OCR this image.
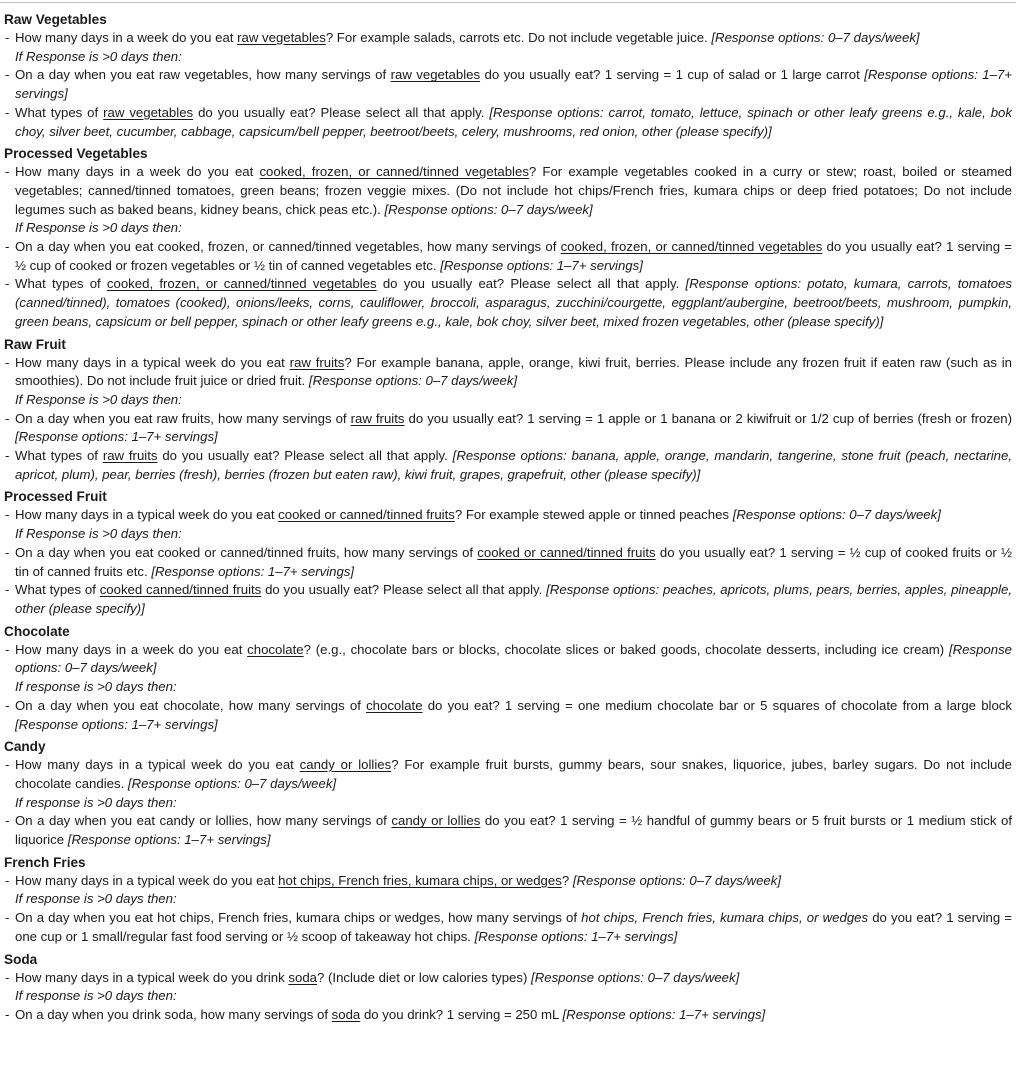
Raw Vegetables
- How many days in a week do you eat raw vegetables? For example salads, carrots etc. Do not include vegetable juice. [Response options: 0–7 days/week]
If Response is >0 days then:
- On a day when you eat raw vegetables, how many servings of raw vegetables do you usually eat? 1 serving = 1 cup of salad or 1 large carrot [Response options: 1–7+ servings]
- What types of raw vegetables do you usually eat? Please select all that apply. [Response options: carrot, tomato, lettuce, spinach or other leafy greens e.g., kale, bok choy, silver beet, cucumber, cabbage, capsicum/bell pepper, beetroot/beets, celery, mushrooms, red onion, other (please specify)]
Processed Vegetables
- How many days in a week do you eat cooked, frozen, or canned/tinned vegetables? For example vegetables cooked in a curry or stew; roast, boiled or steamed vegetables; canned/tinned tomatoes, green beans; frozen veggie mixes. (Do not include hot chips/French fries, kumara chips or deep fried potatoes; Do not include legumes such as baked beans, kidney beans, chick peas etc.). [Response options: 0–7 days/week]
If Response is >0 days then:
- On a day when you eat cooked, frozen, or canned/tinned vegetables, how many servings of cooked, frozen, or canned/tinned vegetables do you usually eat? 1 serving = ½ cup of cooked or frozen vegetables or ½ tin of canned vegetables etc. [Response options: 1–7+ servings]
- What types of cooked, frozen, or canned/tinned vegetables do you usually eat? Please select all that apply. [Response options: potato, kumara, carrots, tomatoes (canned/tinned), tomatoes (cooked), onions/leeks, corns, cauliflower, broccoli, asparagus, zucchini/courgette, eggplant/aubergine, beetroot/beets, mushroom, pumpkin, green beans, capsicum or bell pepper, spinach or other leafy greens e.g., kale, bok choy, silver beet, mixed frozen vegetables, other (please specify)]
Raw Fruit
- How many days in a typical week do you eat raw fruits? For example banana, apple, orange, kiwi fruit, berries. Please include any frozen fruit if eaten raw (such as in smoothies). Do not include fruit juice or dried fruit. [Response options: 0–7 days/week]
If Response is >0 days then:
- On a day when you eat raw fruits, how many servings of raw fruits do you usually eat? 1 serving = 1 apple or 1 banana or 2 kiwifruit or 1/2 cup of berries (fresh or frozen) [Response options: 1–7+ servings]
- What types of raw fruits do you usually eat? Please select all that apply. [Response options: banana, apple, orange, mandarin, tangerine, stone fruit (peach, nectarine, apricot, plum), pear, berries (fresh), berries (frozen but eaten raw), kiwi fruit, grapes, grapefruit, other (please specify)]
Processed Fruit
- How many days in a typical week do you eat cooked or canned/tinned fruits? For example stewed apple or tinned peaches [Response options: 0–7 days/week]
If Response is >0 days then:
- On a day when you eat cooked or canned/tinned fruits, how many servings of cooked or canned/tinned fruits do you usually eat? 1 serving = ½ cup of cooked fruits or ½ tin of canned fruits etc. [Response options: 1–7+ servings]
- What types of cooked canned/tinned fruits do you usually eat? Please select all that apply. [Response options: peaches, apricots, plums, pears, berries, apples, pineapple, other (please specify)]
Chocolate
- How many days in a week do you eat chocolate? (e.g., chocolate bars or blocks, chocolate slices or baked goods, chocolate desserts, including ice cream) [Response options: 0–7 days/week]
If response is >0 days then:
- On a day when you eat chocolate, how many servings of chocolate do you eat? 1 serving = one medium chocolate bar or 5 squares of chocolate from a large block [Response options: 1–7+ servings]
Candy
- How many days in a typical week do you eat candy or lollies? For example fruit bursts, gummy bears, sour snakes, liquorice, jubes, barley sugars. Do not include chocolate candies. [Response options: 0–7 days/week]
If response is >0 days then:
- On a day when you eat candy or lollies, how many servings of candy or lollies do you eat? 1 serving = ½ handful of gummy bears or 5 fruit bursts or 1 medium stick of liquorice [Response options: 1–7+ servings]
French Fries
- How many days in a typical week do you eat hot chips, French fries, kumara chips, or wedges? [Response options: 0–7 days/week]
If response is >0 days then:
- On a day when you eat hot chips, French fries, kumara chips or wedges, how many servings of hot chips, French fries, kumara chips, or wedges do you eat? 1 serving = one cup or 1 small/regular fast food serving or ½ scoop of takeaway hot chips. [Response options: 1–7+ servings]
Soda
- How many days in a typical week do you drink soda? (Include diet or low calories types) [Response options: 0–7 days/week]
If response is >0 days then:
- On a day when you drink soda, how many servings of soda do you drink? 1 serving = 250 mL [Response options: 1–7+ servings]
